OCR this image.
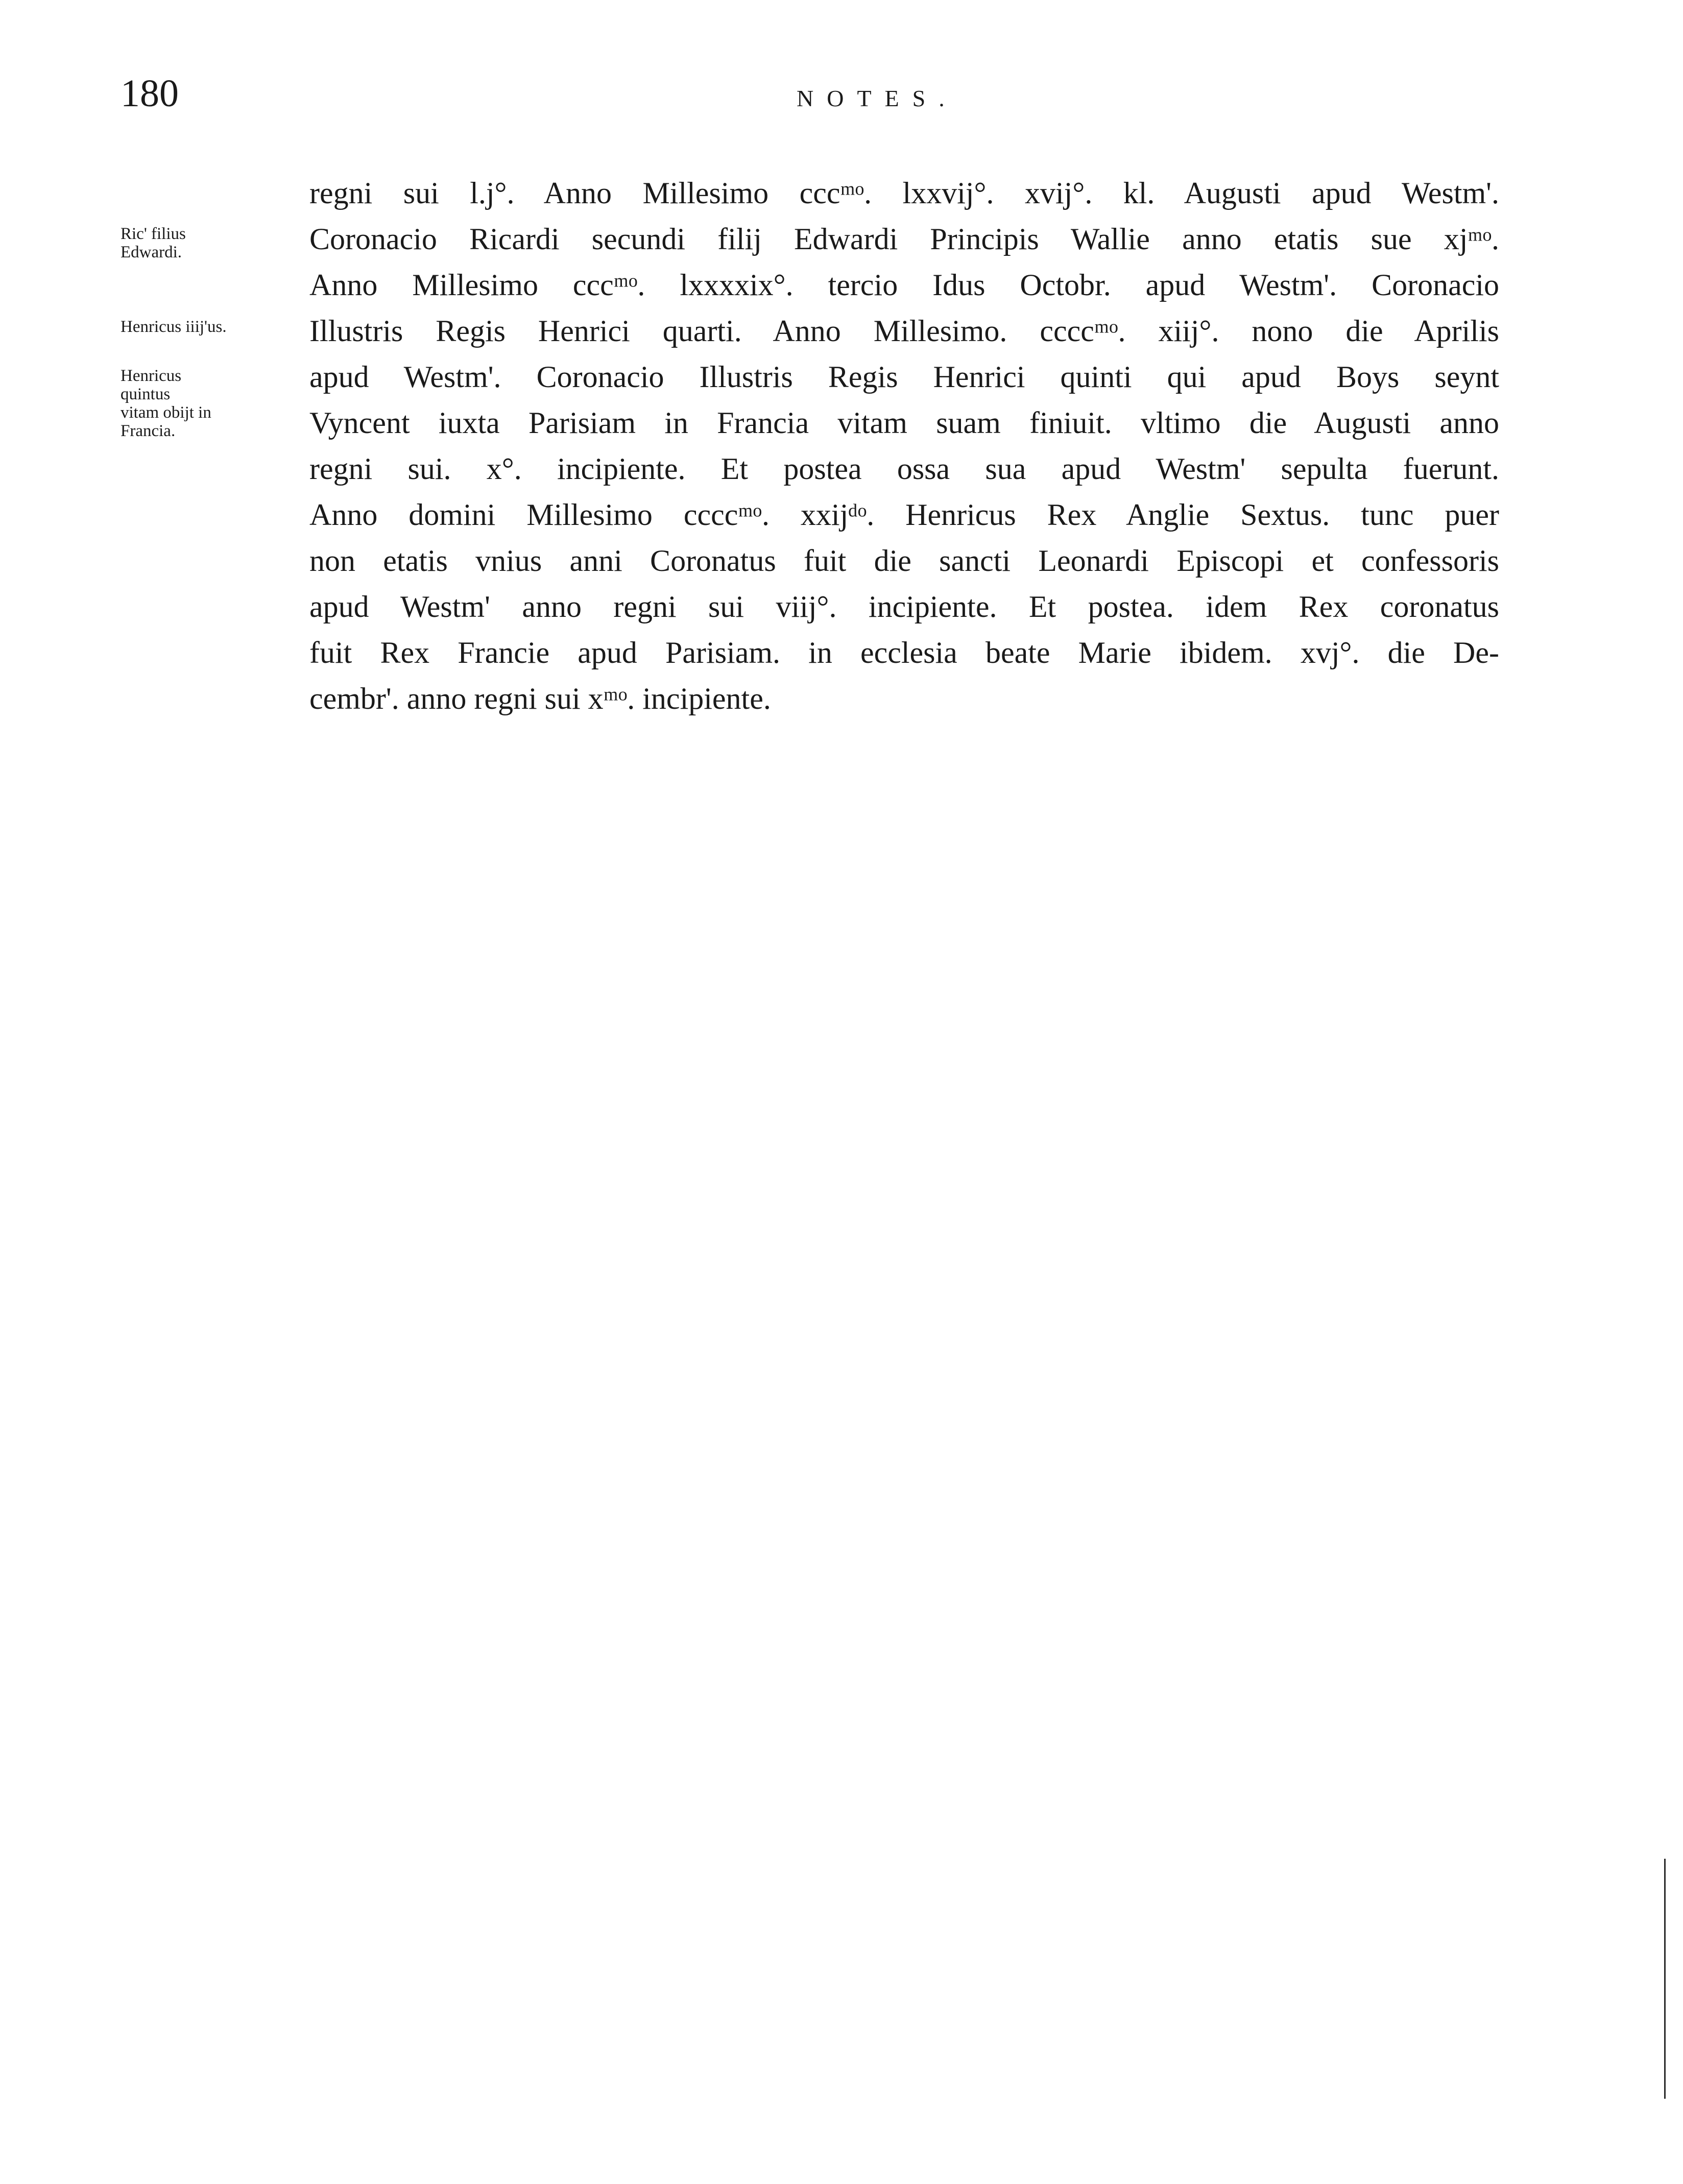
180	NOTES.
Ric' filius
Edwardi.
Henricus iiij'us.
Henricus
quintus
vitam obijt in
Francia.
regni sui l.j°. Anno Millesimo cccᵐᵒ. lxxvij°. xvij°. kl. Augusti apud Westm'.
Coronacio Ricardi secundi filij Edwardi Principis Wallie anno etatis sue xjᵐᵒ.
Anno Millesimo cccᵐᵒ. lxxxxix°. tercio Idus Octobr. apud Westm'. Coronacio
Illustris Regis Henrici quarti. Anno Millesimo. ccccᵐᵒ. xiij°. nono die Aprilis
apud Westm'. Coronacio Illustris Regis Henrici quinti qui apud Boys seynt
Vyncent iuxta Parisiam in Francia vitam suam finiuit. vltimo die Augusti anno
regni sui. x°. incipiente. Et postea ossa sua apud Westm' sepulta fuerunt.
Anno domini Millesimo ccccᵐᵒ. xxijᵈᵒ. Henricus Rex Anglie Sextus. tunc puer
non etatis vnius anni Coronatus fuit die sancti Leonardi Episcopi et confessoris
apud Westm' anno regni sui viij°. incipiente. Et postea. idem Rex coronatus
fuit Rex Francie apud Parisiam. in ecclesia beate Marie ibidem. xvj°. die De-
cembr'. anno regni sui xᵐᵒ. incipiente.
